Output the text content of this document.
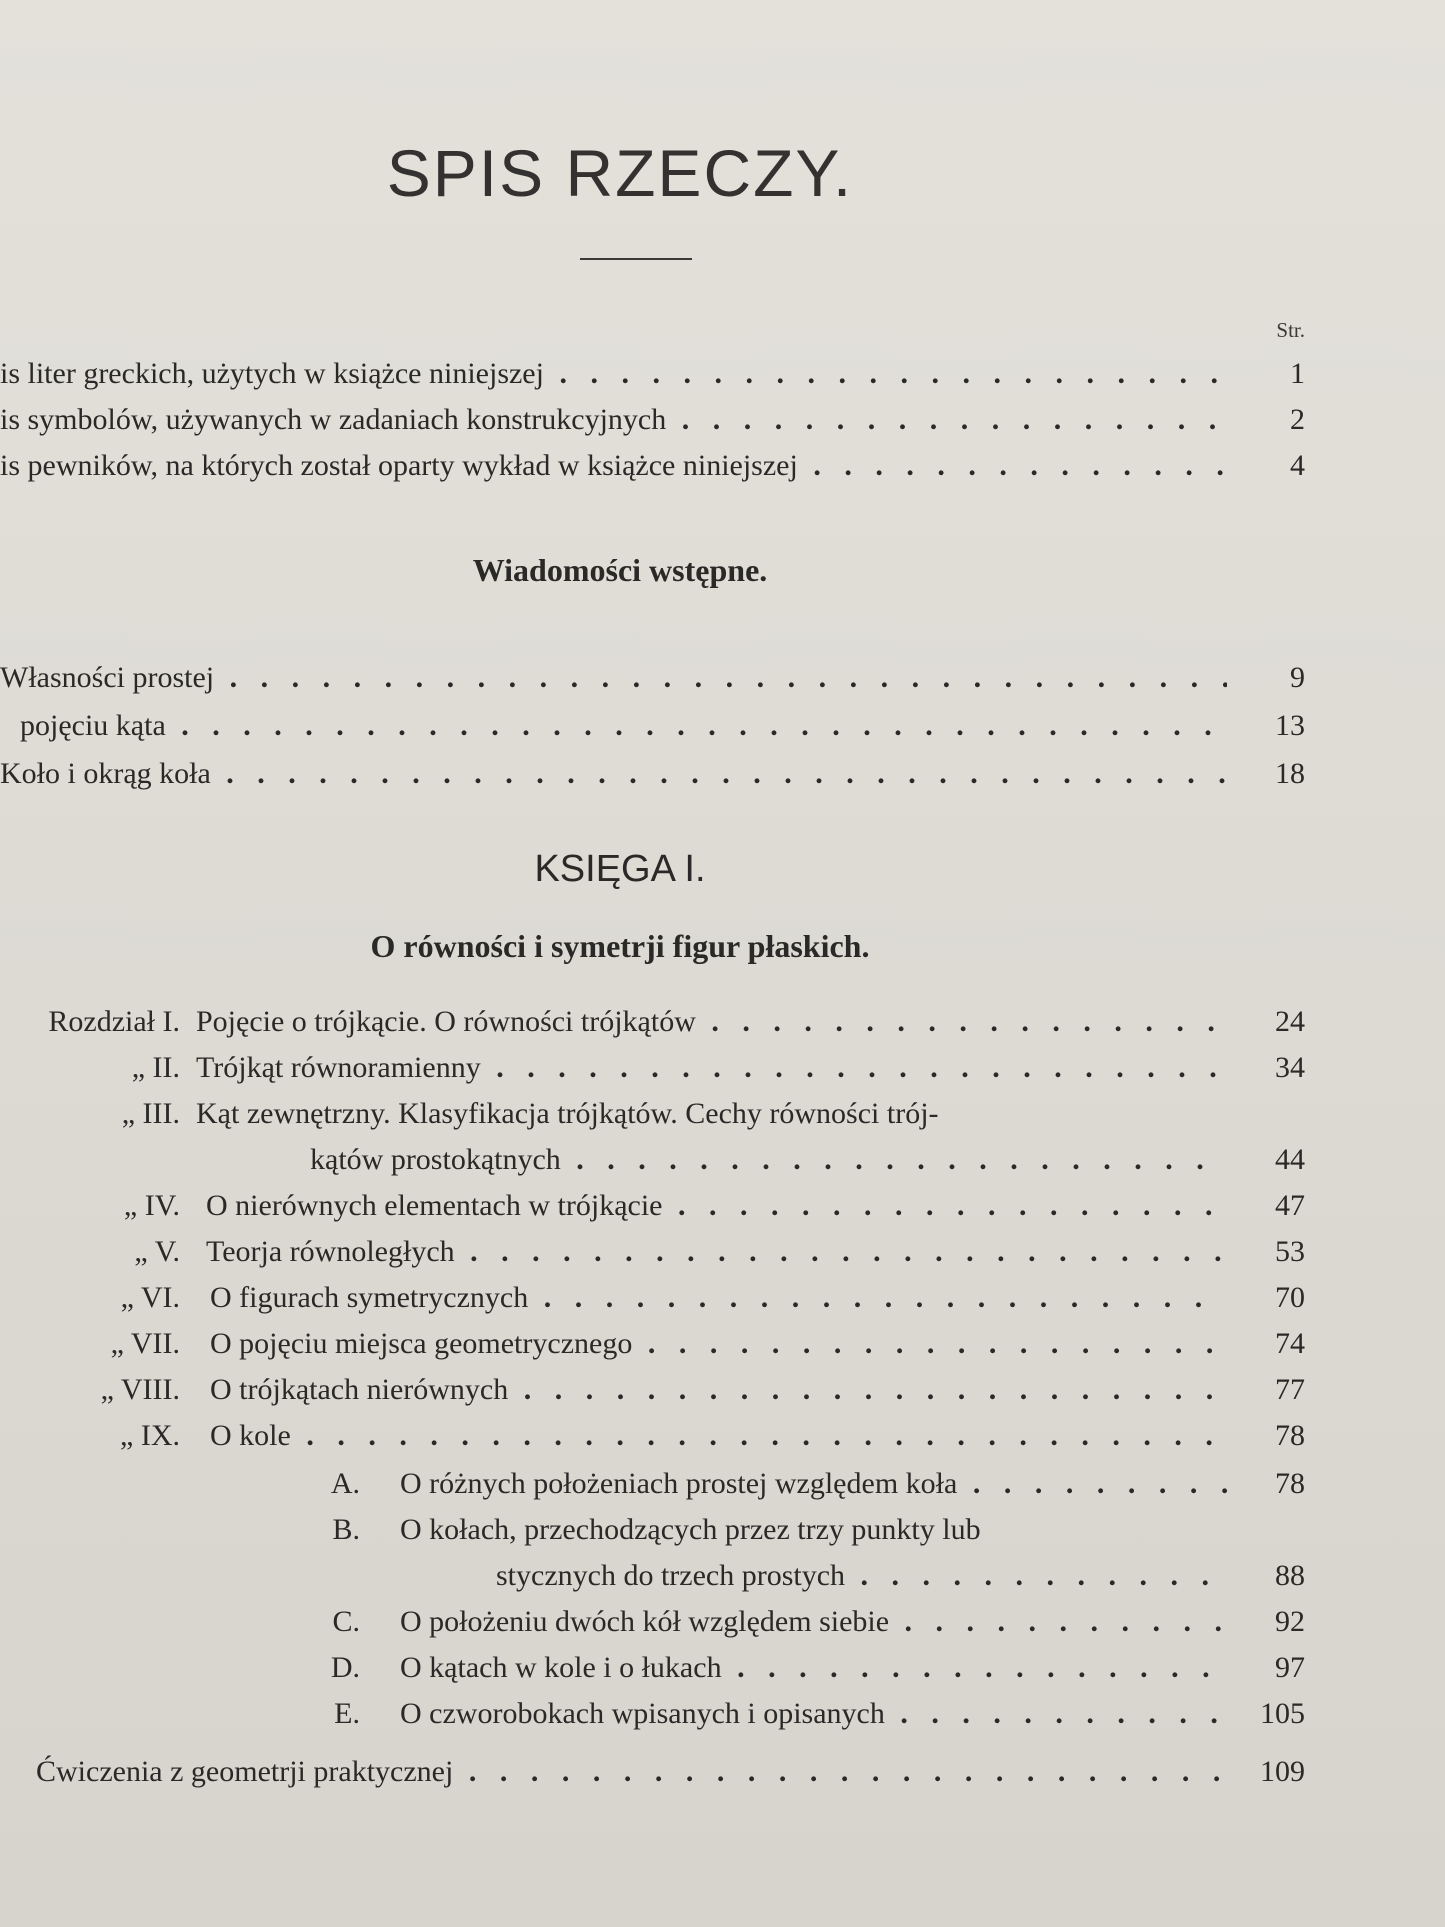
SPIS RZECZY.
Str.
is liter greckich, użytych w książce niniejszej . . .	1
is symbolów, używanych w zadaniach konstrukcyjnych . . .	2
is pewników, na których został oparty wykład w książce niniejszej . . .	4
Wiadomości wstępne.
Własności prostej . . .	9
pojęciu kąta . . .	13
Koło i okrąg koła . . .	18
KSIĘGA I.
O równości i symetrji figur płaskich.
Rozdział I. Pojęcie o trójkącie. O równości trójkątów . . .	24
„ II. Trójkąt równoramienny . . .	34
„ III. Kąt zewnętrzny. Klasyfikacja trójkątów. Cechy równości trój-
kątów prostokątnych . . .	44
„ IV. O nierównych elementach w trójkącie . . .	47
„ V. Teorja równoległych . . .	53
„ VI. O figurach symetrycznych . . .	70
„ VII. O pojęciu miejsca geometrycznego . . .	74
„ VIII. O trójkątach nierównych . . .	77
„ IX. O kole . . .	78
A. O różnych położeniach prostej względem koła . . .	78
B. O kołach, przechodzących przez trzy punkty lub
stycznych do trzech prostych . . .	88
C. O położeniu dwóch kół względem siebie . . .	92
D. O kątach w kole i o łukach . . .	97
E. O czworobokach wpisanych i opisanych . . .	105
Ćwiczenia z geometrji praktycznej . . .	109
